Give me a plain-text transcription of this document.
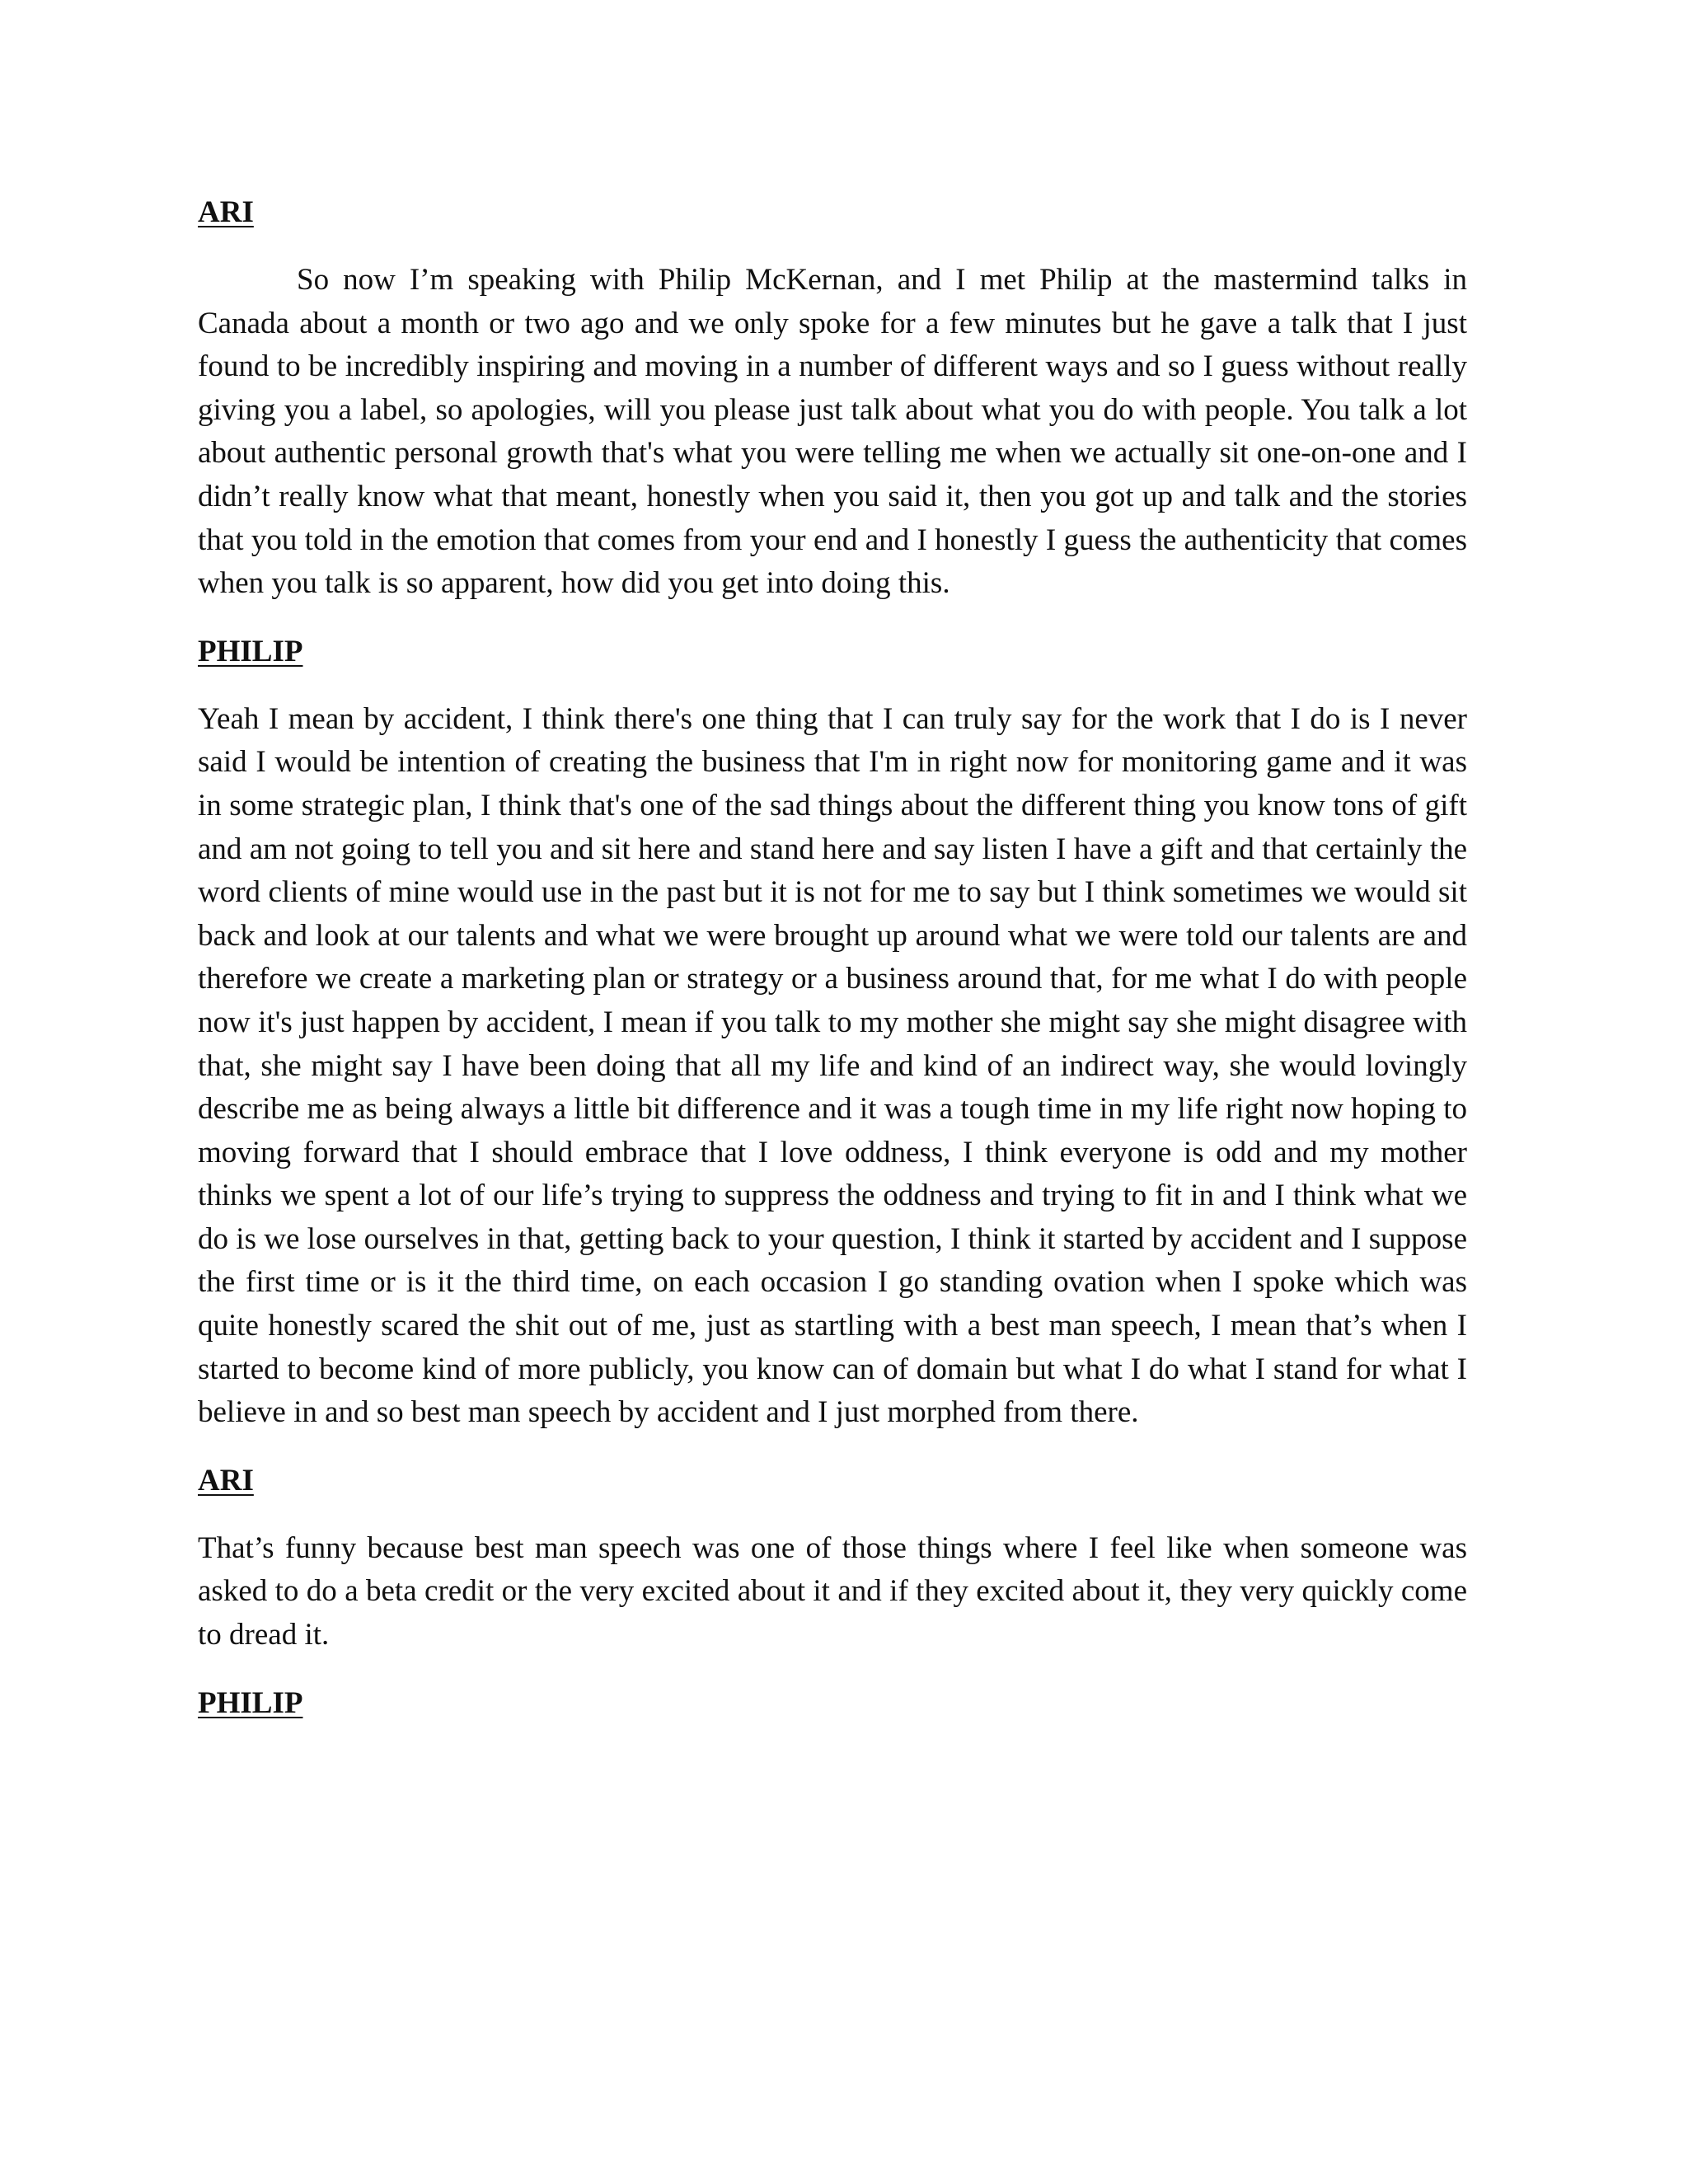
ARI

So now I’m speaking with Philip McKernan, and I met Philip at the mastermind talks in Canada about a month or two ago and we only spoke for a few minutes but he gave a talk that I just found to be incredibly inspiring and moving in a number of different ways and so I guess without really giving you a label, so apologies, will you please just talk about what you do with people. You talk a lot about authentic personal growth that's what you were telling me when we actually sit one-on-one and I didn’t really know what that meant, honestly when you said it, then you got up and talk and the stories that you told in the emotion that comes from your end and I honestly I guess the authenticity that comes when you talk is so apparent, how did you get into doing this.

PHILIP

Yeah I mean by accident, I think there's one thing that I can truly say for the work that I do is I never said I would be intention of creating the business that I'm in right now for monitoring game and it was in some strategic plan, I think that's one of the sad things about the different thing you know tons of gift and am not going to tell you and sit here and stand here and say listen I have a gift and that certainly the word clients of mine would use in the past but it is not for me to say but I think sometimes we would sit back and look at our talents and what we were brought up around what we were told our talents are and therefore we create a marketing plan or strategy or a business around that, for me what I do with people now it's just happen by accident, I mean if you talk to my mother she might say she might disagree with that, she might say I have been doing that all my life and kind of an indirect way, she would lovingly describe me as being always a little bit difference and it was a tough time in my life right now hoping to moving forward that I should embrace that I love oddness, I think everyone is odd and my mother thinks we spent a lot of our life’s trying to suppress the oddness and trying to fit in and I think what we do is we lose ourselves in that, getting back to your question, I think it started by accident and I suppose the first time or is it the third time, on each occasion I go standing ovation when I spoke which was quite honestly scared the shit out of me, just as startling with a best man speech, I mean that’s when I started to become kind of more publicly, you know can of domain but what I do what I stand for what I believe in and so best man speech by accident and I just morphed from there.

ARI

That’s funny because best man speech was one of those things where I feel like when someone was asked to do a beta credit or the very excited about it and if they excited about it, they very quickly come to dread it.

PHILIP
